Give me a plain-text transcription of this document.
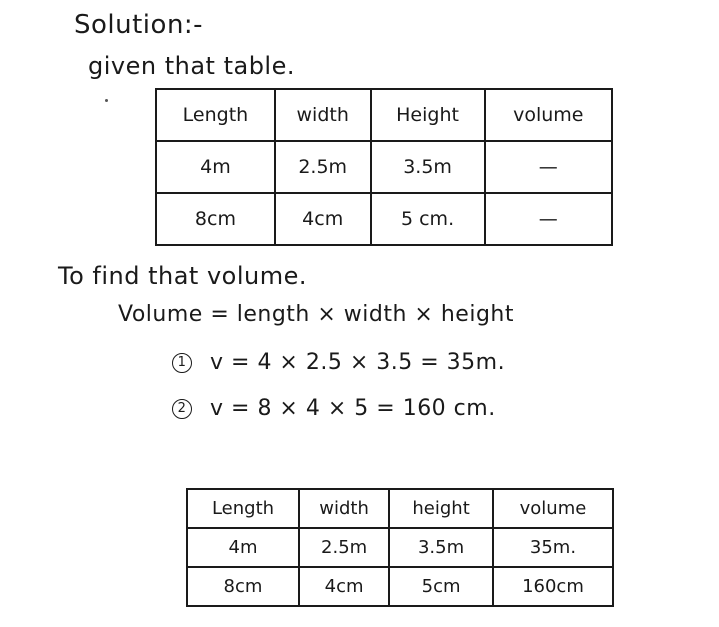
Solution:-

given that table.

Length	width	Height	volume
4m	2.5m	3.5m	—
8cm	4cm	5 cm.	—

To find that volume.

Volume = length × width × height

1 v = 4 × 2.5 × 3.5 = 35m.

2 v = 8 × 4 × 5 = 160 cm.

Length	width	height	volume
4m	2.5m	3.5m	35m.
8cm	4cm	5cm	160cm
